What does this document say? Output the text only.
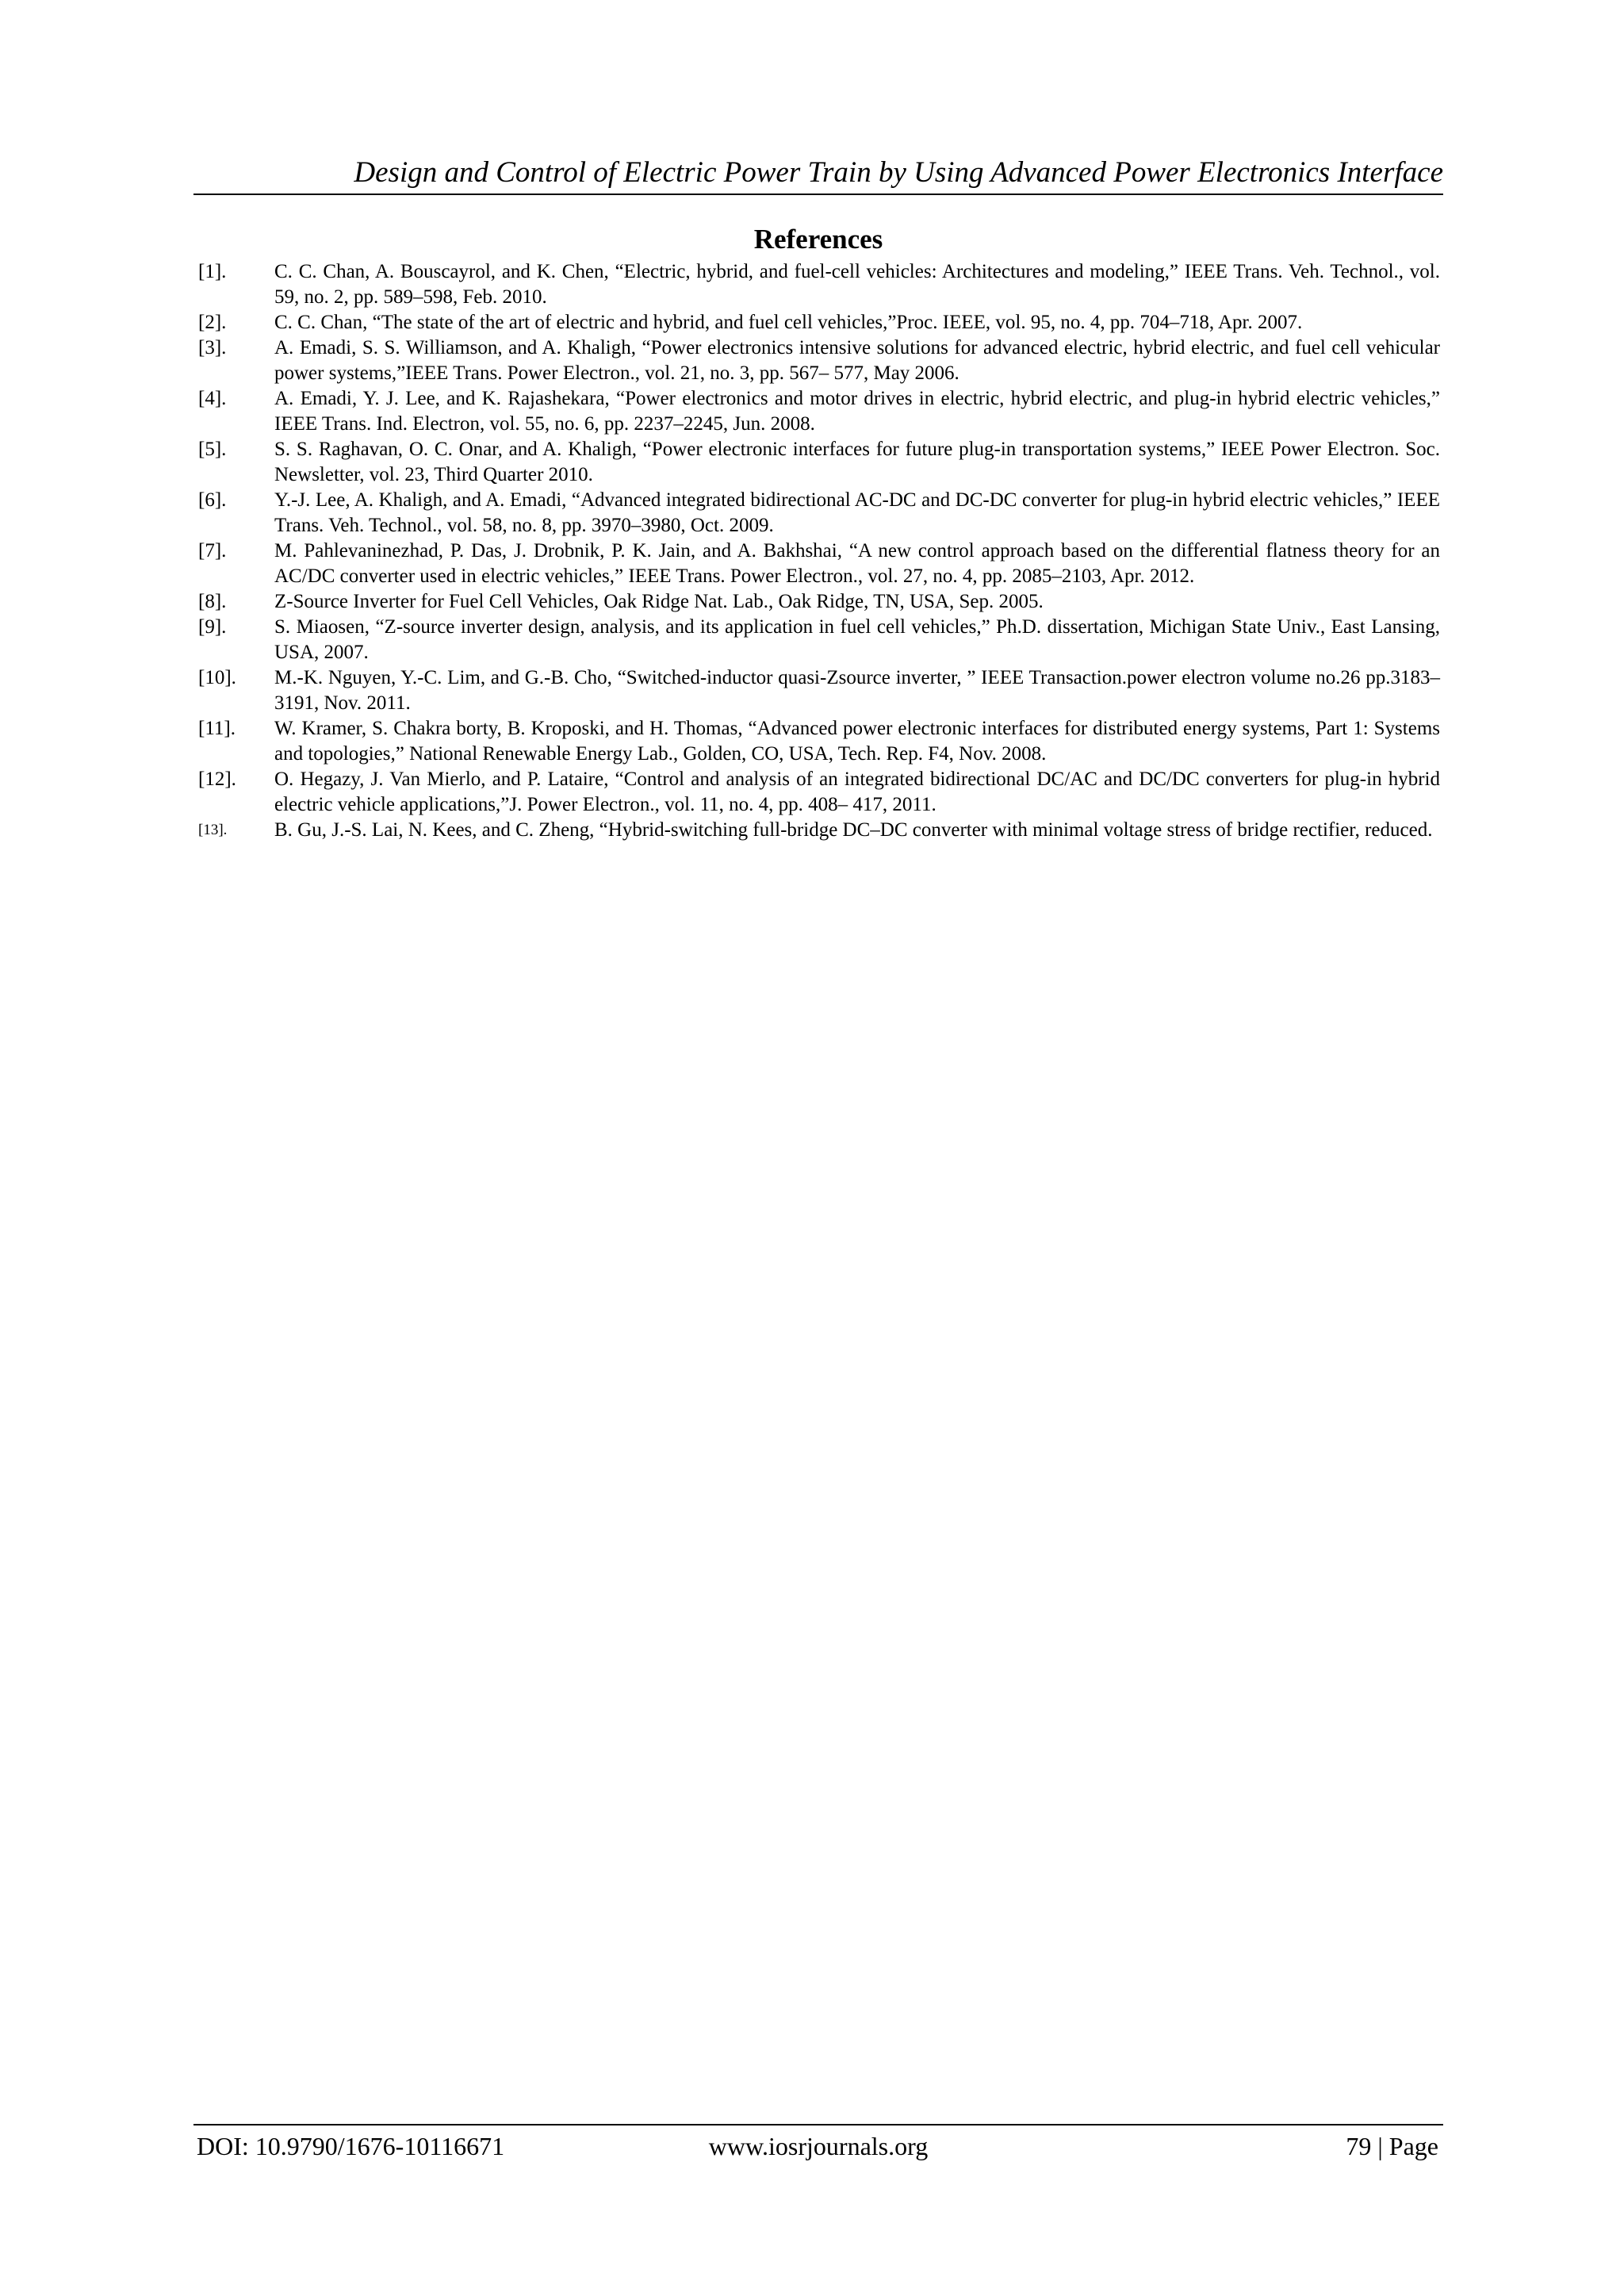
Design and Control of Electric Power Train by Using Advanced Power Electronics Interface
References
[1].	C. C. Chan, A. Bouscayrol, and K. Chen, “Electric, hybrid, and fuel-cell vehicles: Architectures and modeling,” IEEE Trans. Veh. Technol., vol. 59, no. 2, pp. 589–598, Feb. 2010.
[2].	C. C. Chan, “The state of the art of electric and hybrid, and fuel cell vehicles,”Proc. IEEE, vol. 95, no. 4, pp. 704–718, Apr. 2007.
[3].	A. Emadi, S. S. Williamson, and A. Khaligh, “Power electronics intensive solutions for advanced electric, hybrid electric, and fuel cell vehicular power systems,”IEEE Trans. Power Electron., vol. 21, no. 3, pp. 567– 577, May 2006.
[4].	A. Emadi, Y. J. Lee, and K. Rajashekara, “Power electronics and motor drives in electric, hybrid electric, and plug-in hybrid electric vehicles,” IEEE Trans. Ind. Electron, vol. 55, no. 6, pp. 2237–2245, Jun. 2008.
[5].	S. S. Raghavan, O. C. Onar, and A. Khaligh, “Power electronic interfaces for future plug-in transportation systems,” IEEE Power Electron. Soc. Newsletter, vol. 23, Third Quarter 2010.
[6].	Y.-J. Lee, A. Khaligh, and A. Emadi, “Advanced integrated bidirectional AC-DC and DC-DC converter for plug-in hybrid electric vehicles,” IEEE Trans. Veh. Technol., vol. 58, no. 8, pp. 3970–3980, Oct. 2009.
[7].	M. Pahlevaninezhad, P. Das, J. Drobnik, P. K. Jain, and A. Bakhshai, “A new control approach based on the differential flatness theory for an AC/DC converter used in electric vehicles,” IEEE Trans. Power Electron., vol. 27, no. 4, pp. 2085–2103, Apr. 2012.
[8].	Z-Source Inverter for Fuel Cell Vehicles, Oak Ridge Nat. Lab., Oak Ridge, TN, USA, Sep. 2005.
[9].	S. Miaosen, “Z-source inverter design, analysis, and its application in fuel cell vehicles,” Ph.D. dissertation, Michigan State Univ., East Lansing, USA, 2007.
[10].	M.-K. Nguyen, Y.-C. Lim, and G.-B. Cho, “Switched-inductor quasi-Zsource inverter, ” IEEE Transaction.power electron volume no.26 pp.3183– 3191, Nov. 2011.
[11].	W. Kramer, S. Chakra borty, B. Kroposki, and H. Thomas, “Advanced power electronic interfaces for distributed energy systems, Part 1: Systems and topologies,” National Renewable Energy Lab., Golden, CO, USA, Tech. Rep. F4, Nov. 2008.
[12].	O. Hegazy, J. Van Mierlo, and P. Lataire, “Control and analysis of an integrated bidirectional DC/AC and DC/DC converters for plug-in hybrid electric vehicle applications,”J. Power Electron., vol. 11, no. 4, pp. 408– 417, 2011.
[13].	B. Gu, J.-S. Lai, N. Kees, and C. Zheng, “Hybrid-switching full-bridge DC–DC converter with minimal voltage stress of bridge rectifier, reduced.
DOI: 10.9790/1676-10116671	www.iosrjournals.org	79 | Page
